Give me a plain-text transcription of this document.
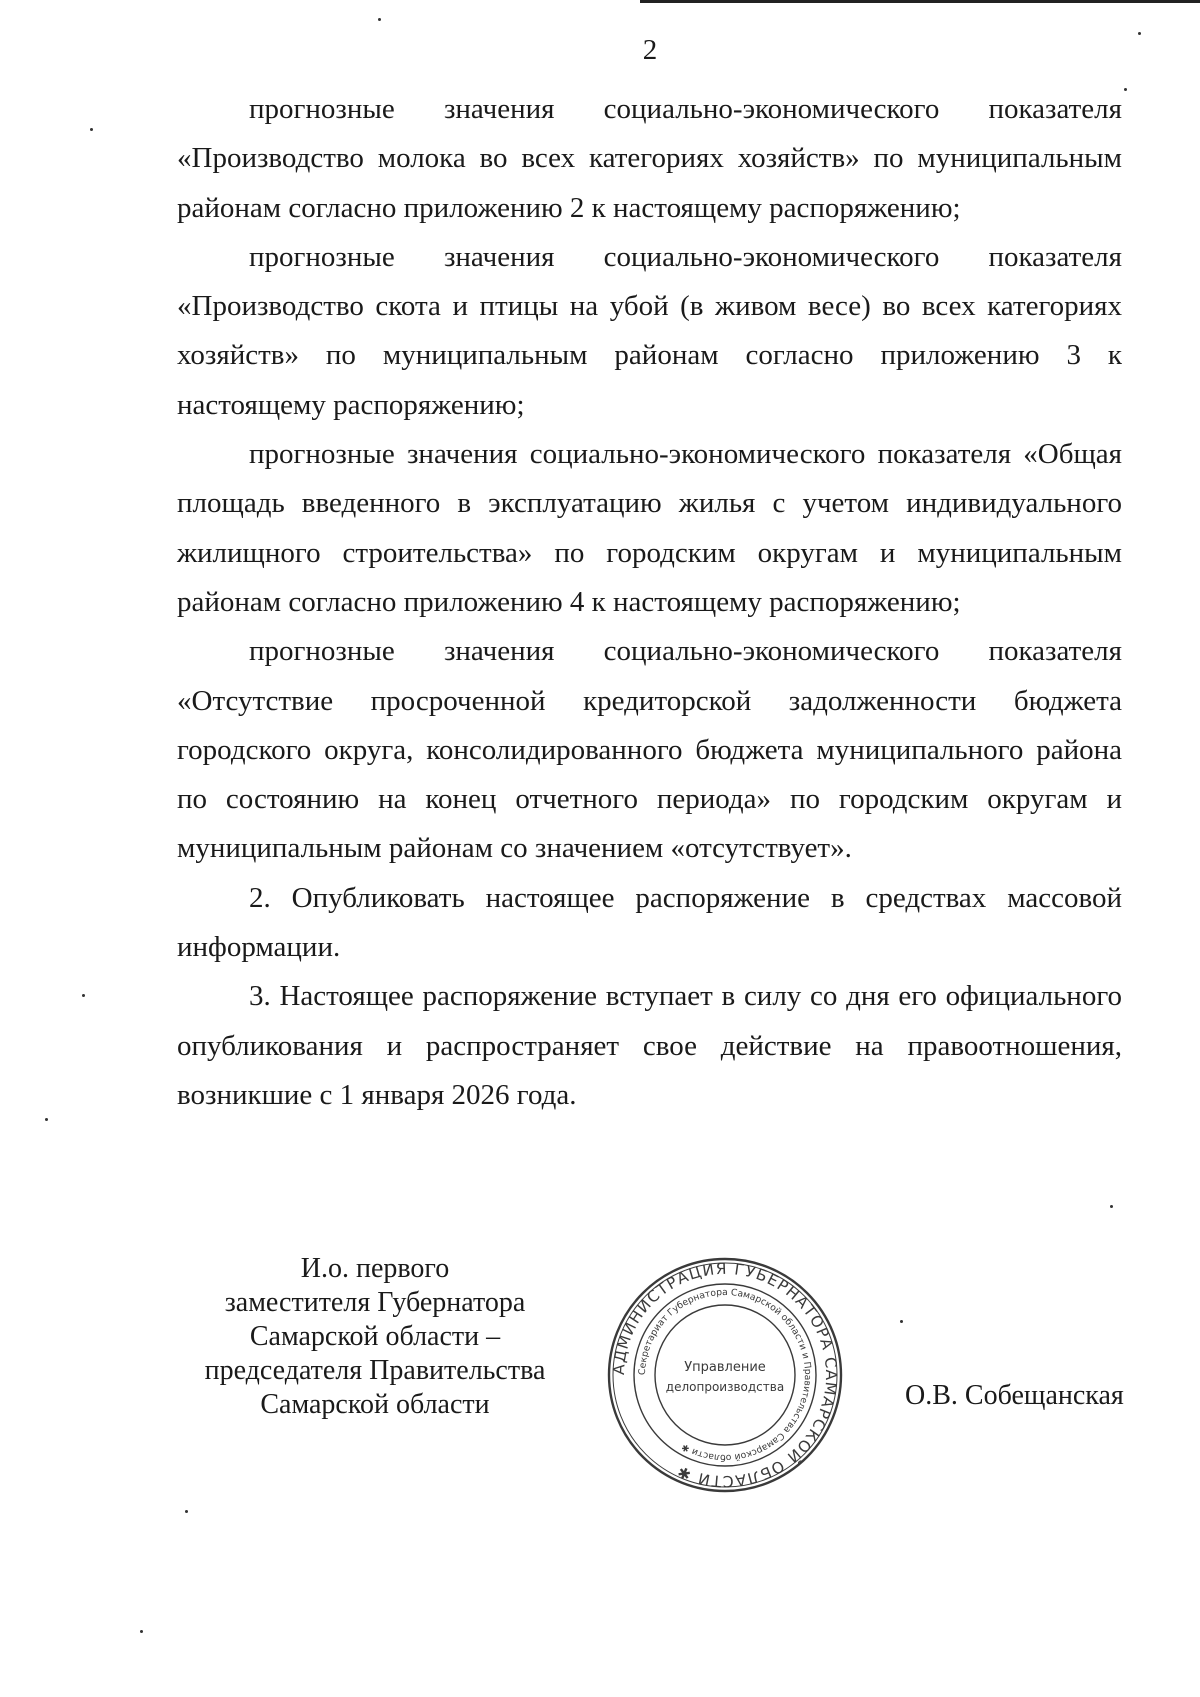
2

прогнозные значения социально-экономического показателя «Производство молока во всех категориях хозяйств» по муниципальным районам согласно приложению 2 к настоящему распоряжению;

прогнозные значения социально-экономического показателя «Производство скота и птицы на убой (в живом весе) во всех категориях хозяйств» по муниципальным районам согласно приложению 3 к настоящему распоряжению;

прогнозные значения социально-экономического показателя «Общая площадь введенного в эксплуатацию жилья с учетом индивидуального жилищного строительства» по городским округам и муниципальным районам согласно приложению 4 к настоящему распоряжению;

прогнозные значения социально-экономического показателя «Отсутствие просроченной кредиторской задолженности бюджета городского округа, консолидированного бюджета муниципального района по состоянию на конец отчетного периода» по городским округам и муниципальным районам со значением «отсутствует».

2. Опубликовать настоящее распоряжение в средствах массовой информации.

3. Настоящее распоряжение вступает в силу со дня его официального опубликования и распространяет свое действие на правоотношения, возникшие с 1 января 2026 года.

И.о. первого
заместителя Губернатора
Самарской области –
председателя Правительства
Самарской области
АДМИНИСТРАЦИЯ ГУБЕРНАТОРА САМАРСКОЙ ОБЛАСТИ ✱
Секретариат Губернатора Самарской области и Правительства Самарской области ✱
Управление
делопроизводства	О.В. Собещанская
